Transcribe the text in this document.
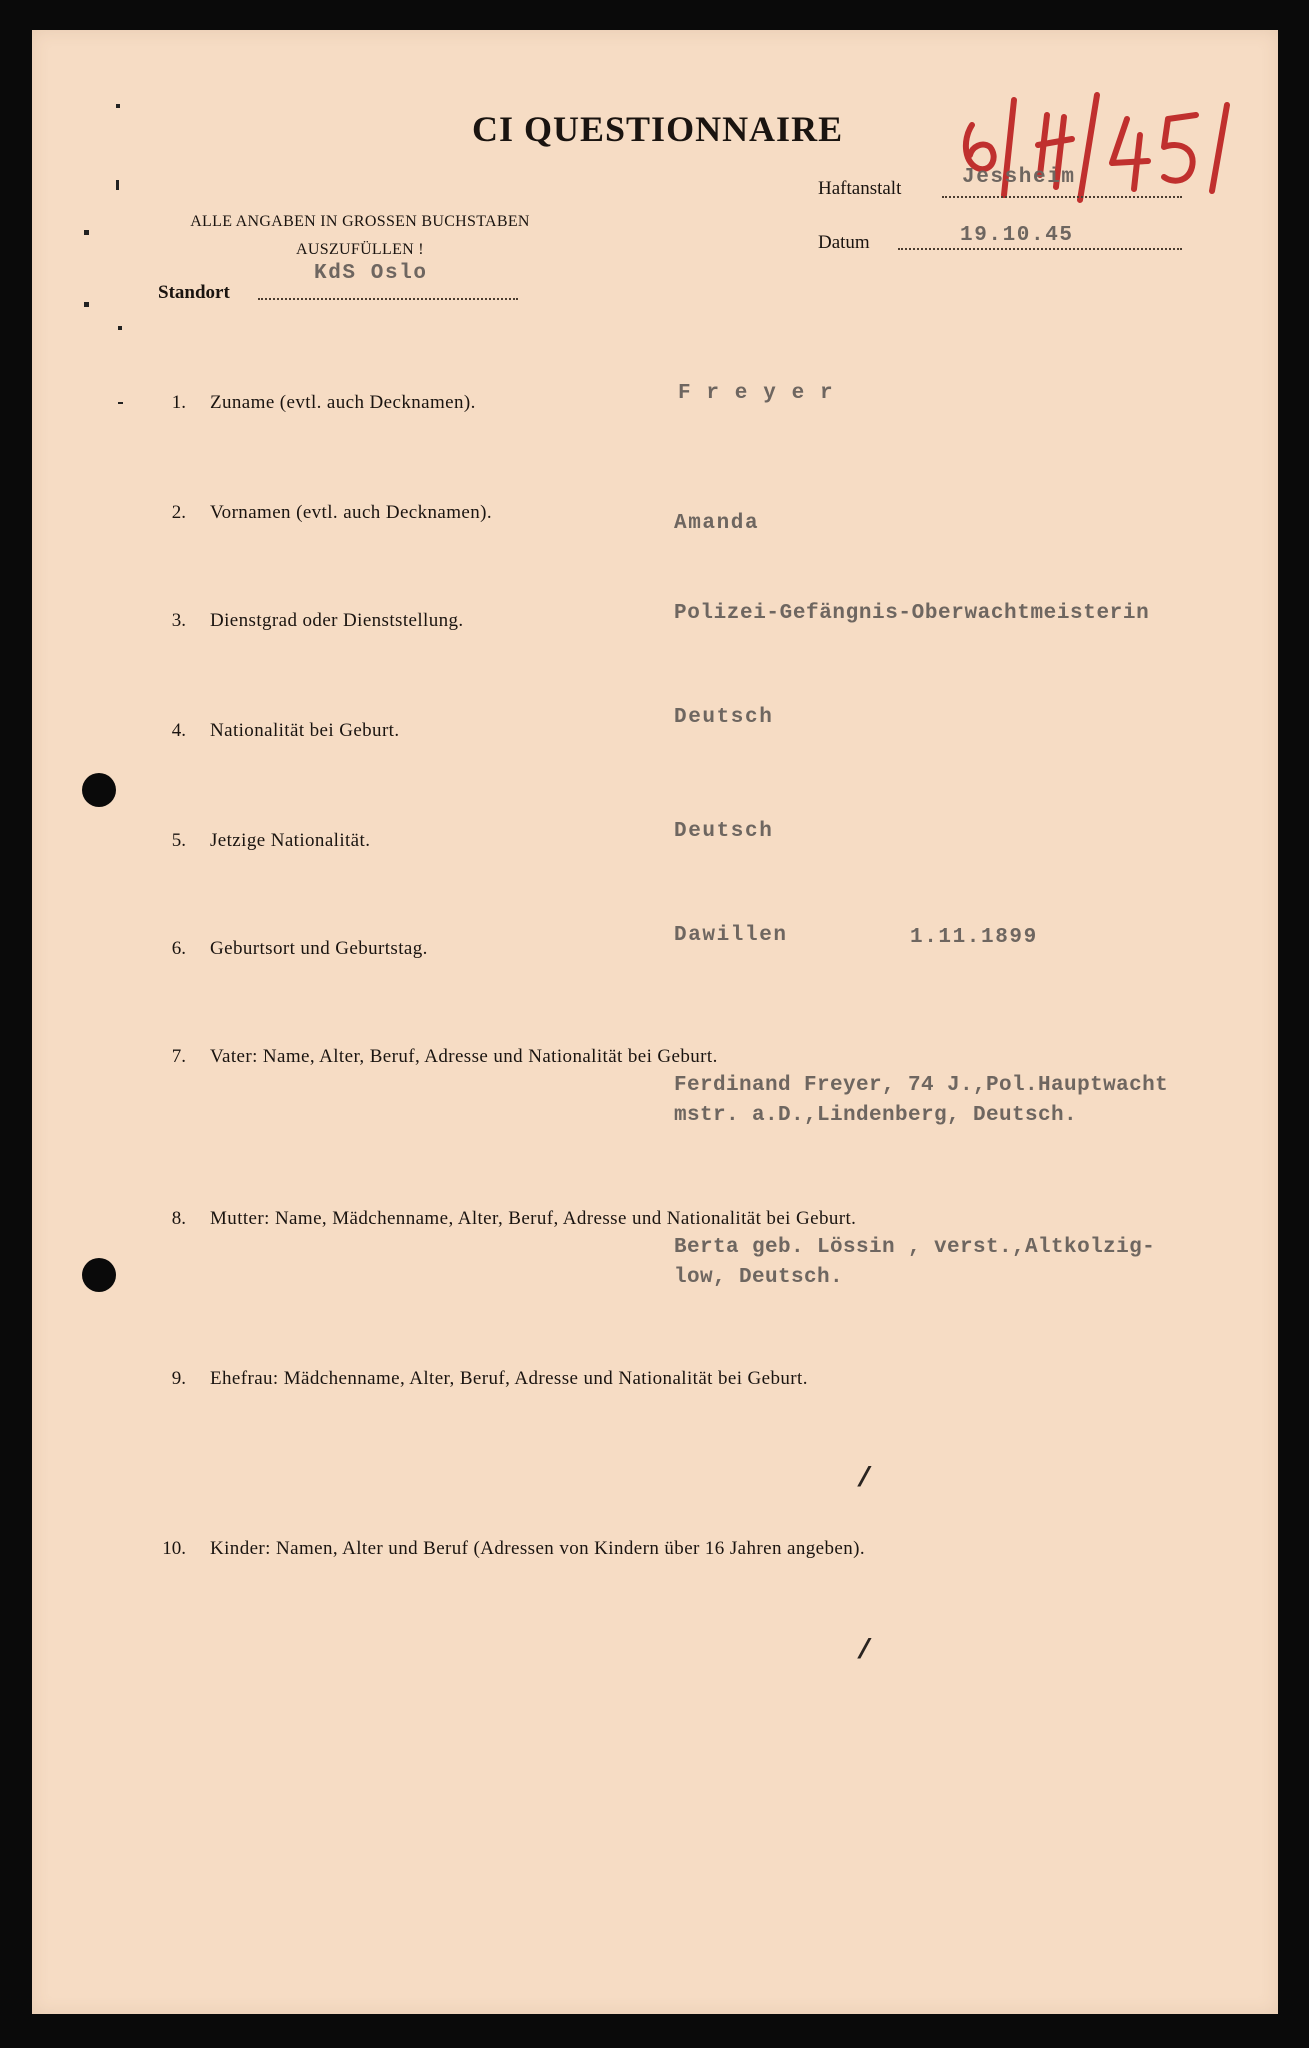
CI QUESTIONNAIRE
6/14/451
ALLE ANGABEN IN GROSSEN BUCHSTABEN
AUSZUFÜLLEN !
Haftanstalt	Jessheim
Datum	19.10.45
Standort
KdS Oslo
1. Zuname (evtl. auch Decknamen).	F r e y e r
2. Vornamen (evtl. auch Decknamen).	Amanda
3. Dienstgrad oder Dienststellung.	Polizei-Gefängnis-Oberwachtmeisterin
4. Nationalität bei Geburt.
Deutsch
5. Jetzige Nationalität.	Deutsch
6. Geburtsort und Geburtstag.
Dawillen	1.11.1899
7. Vater: Name, Alter, Beruf, Adresse und Nationalität bei Geburt.
Ferdinand Freyer, 74 J.,Pol.Hauptwacht
mstr. a.D.,Lindenberg, Deutsch.
8. Mutter: Name, Mädchenname, Alter, Beruf, Adresse und Nationalität bei Geburt.
Berta geb. Lössin , verst.,Altkolzig-
low, Deutsch.
9. Ehefrau: Mädchenname, Alter, Beruf, Adresse und Nationalität bei Geburt.
/
10. Kinder: Namen, Alter und Beruf (Adressen von Kindern über 16 Jahren angeben).
/
